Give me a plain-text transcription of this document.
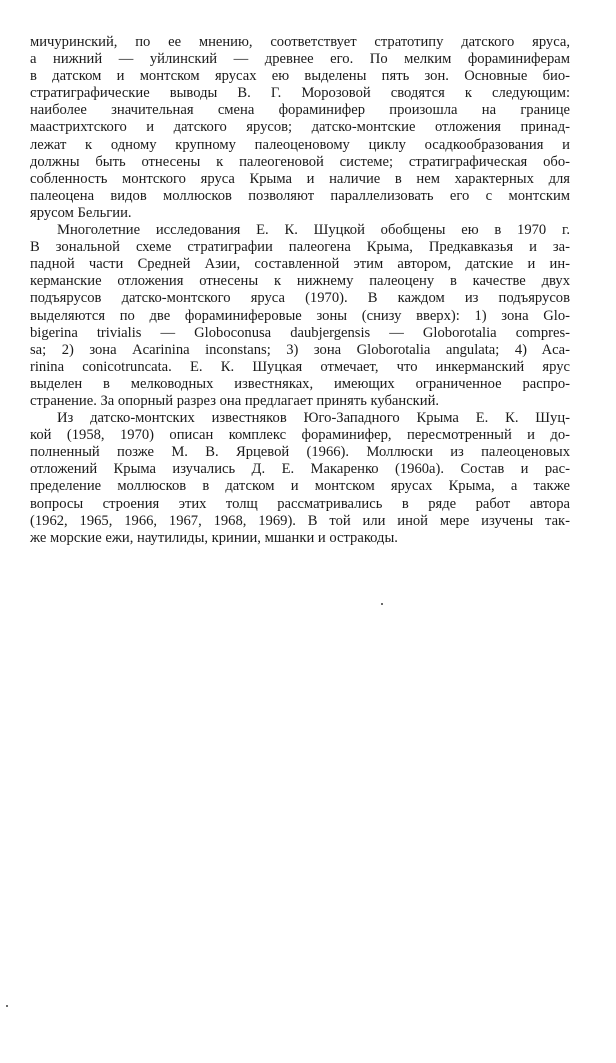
мичуринский, по ее мнению, соответствует стратотипу датского яруса,
а нижний — уйлинский — древнее его. По мелким фораминиферам
в датском и монтском ярусах ею выделены пять зон. Основные био-
стратиграфические выводы В. Г. Морозовой сводятся к следующим:
наиболее значительная смена фораминифер произошла на границе
маастрихтского и датского ярусов; датско-монтские отложения принад-
лежат к одному крупному палеоценовому циклу осадкообразования и
должны быть отнесены к палеогеновой системе; стратиграфическая обо-
собленность монтского яруса Крыма и наличие в нем характерных для
палеоцена видов моллюсков позволяют параллелизовать его с монтским
ярусом Бельгии.
Многолетние исследования Е. К. Шуцкой обобщены ею в 1970 г.
В зональной схеме стратиграфии палеогена Крыма, Предкавказья и за-
падной части Средней Азии, составленной этим автором, датские и ин-
керманские отложения отнесены к нижнему палеоцену в качестве двух
подъярусов датско-монтского яруса (1970). В каждом из подъярусов
выделяются по две фораминиферовые зоны (снизу вверх): 1) зона Glo-
bigerina trivialis — Globoconusa daubjergensis — Globorotalia compres-
sa; 2) зона Acarinina inconstans; 3) зона Globorotalia angulata; 4) Aca-
rinina conicotruncata. Е. К. Шуцкая отмечает, что инкерманский ярус
выделен в мелководных известняках, имеющих ограниченное распро-
странение. За опорный разрез она предлагает принять кубанский.
Из датско-монтских известняков Юго-Западного Крыма Е. К. Шуц-
кой (1958, 1970) описан комплекс фораминифер, пересмотренный и до-
полненный позже М. В. Ярцевой (1966). Моллюски из палеоценовых
отложений Крыма изучались Д. Е. Макаренко (1960а). Состав и рас-
пределение моллюсков в датском и монтском ярусах Крыма, а также
вопросы строения этих толщ рассматривались в ряде работ автора
(1962, 1965, 1966, 1967, 1968, 1969). В той или иной мере изучены так-
же морские ежи, наутилиды, кринии, мшанки и остракоды.
